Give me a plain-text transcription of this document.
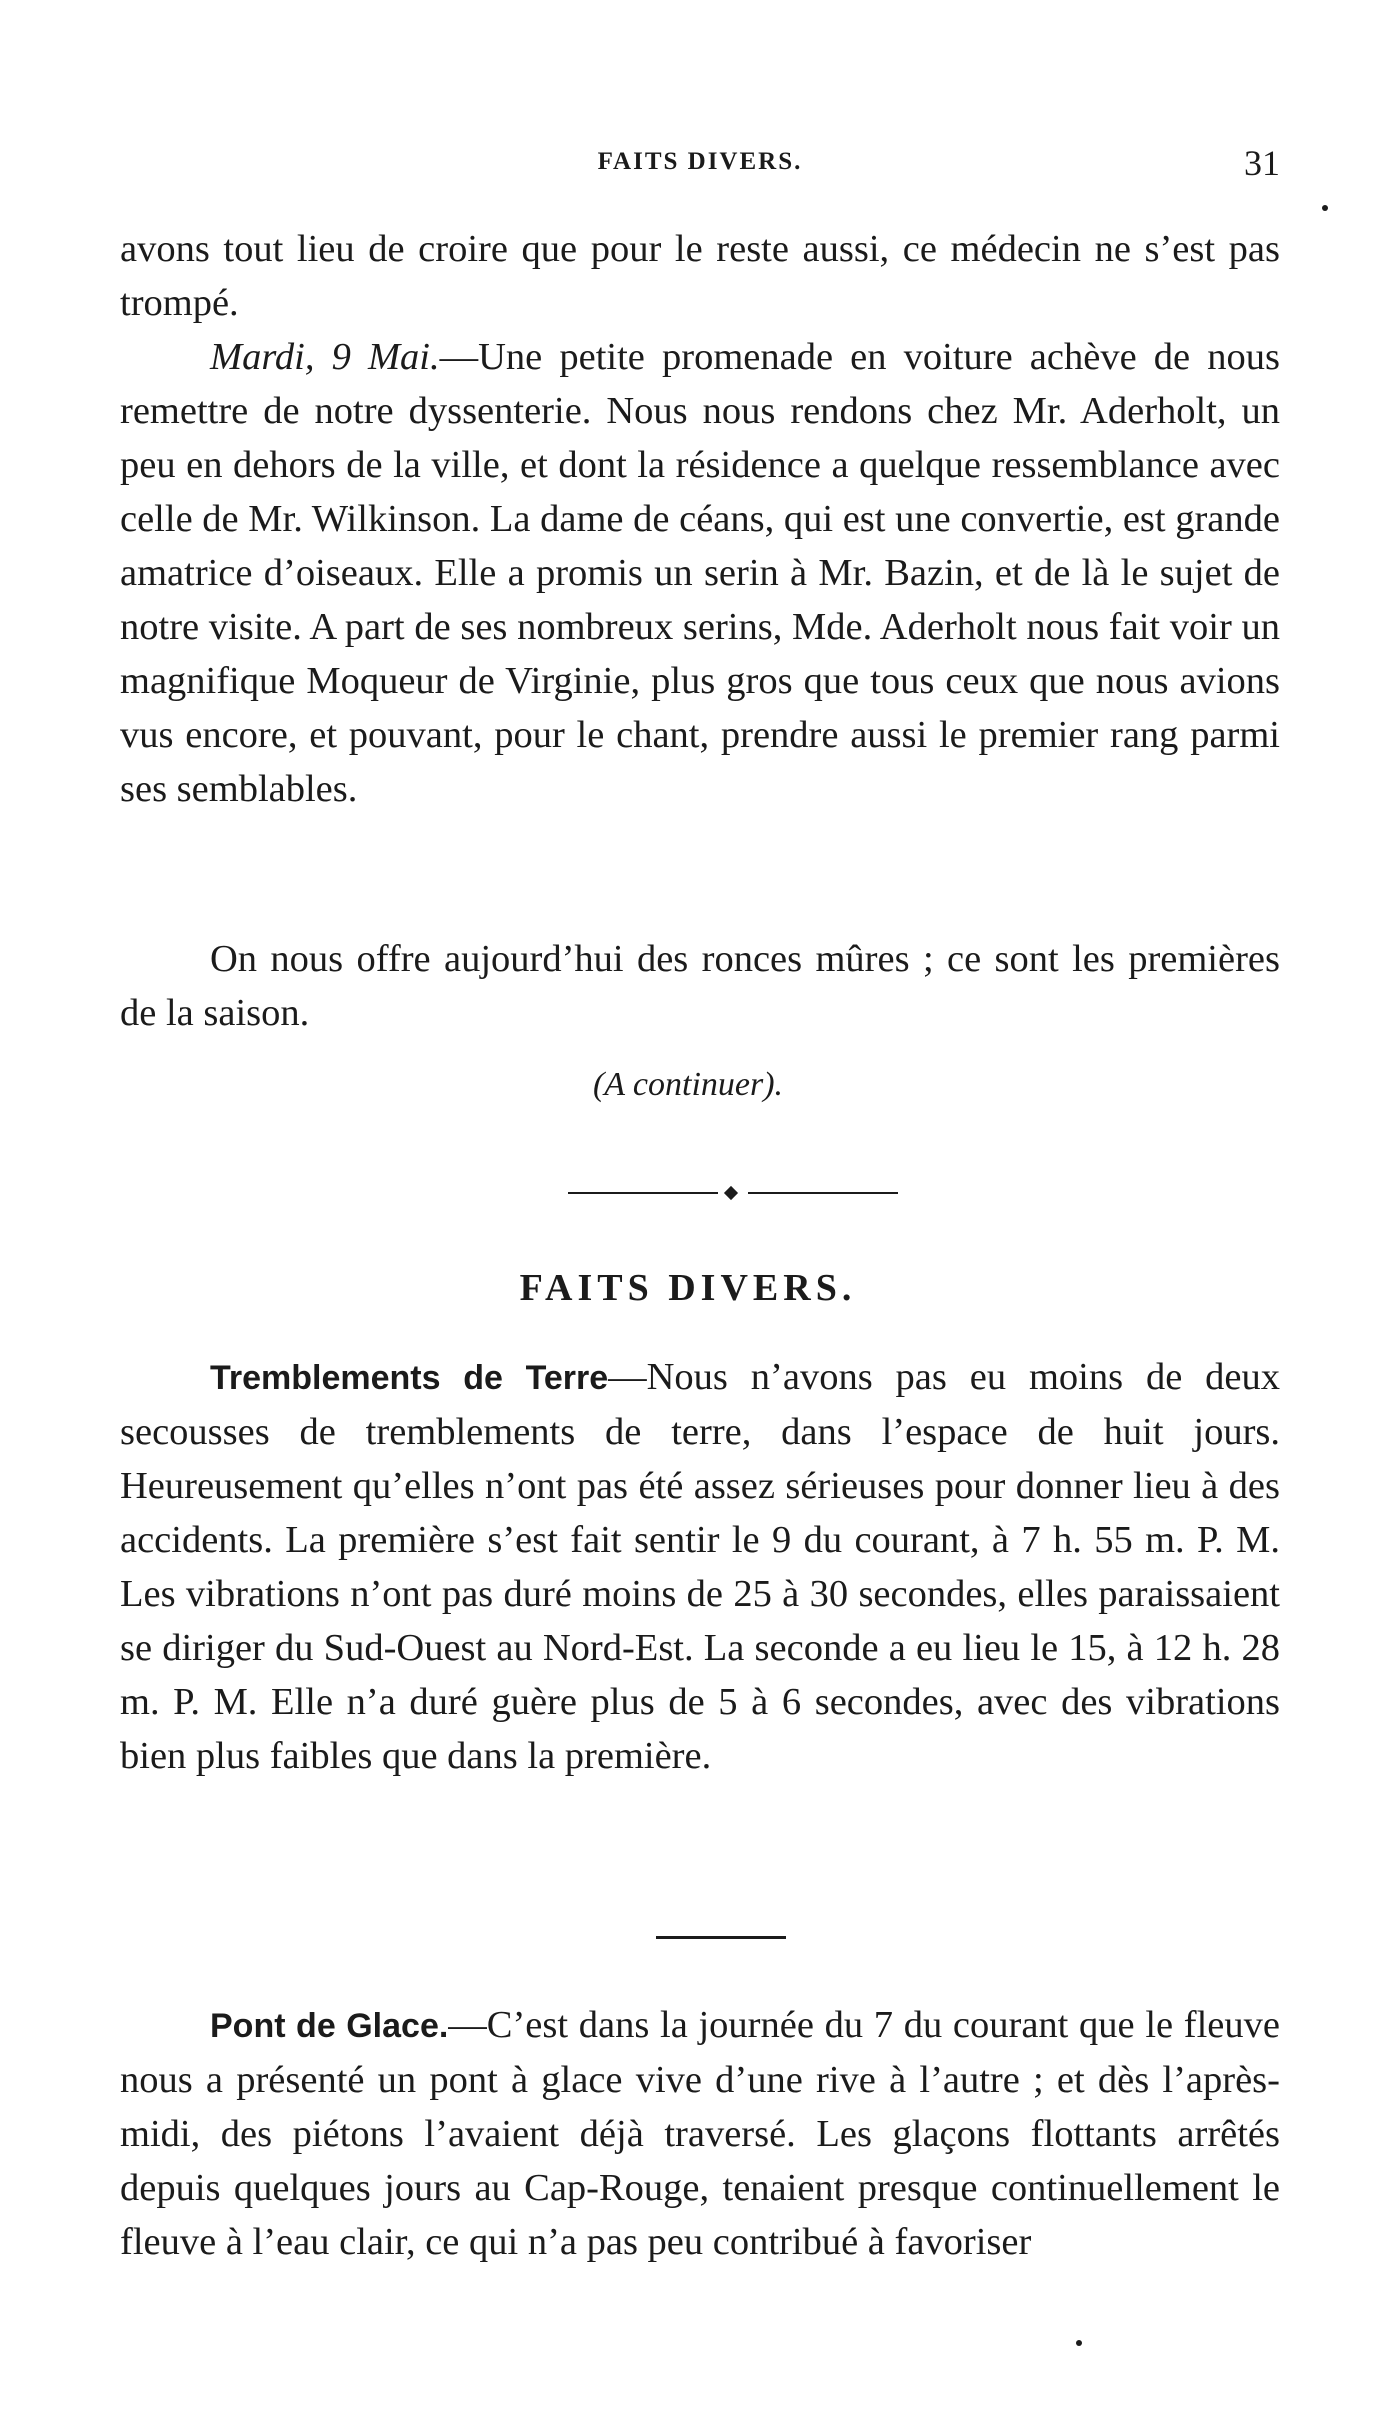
FAITS DIVERS.	31

avons tout lieu de croire que pour le reste aussi, ce médecin ne s’est pas trompé.

Mardi, 9 Mai.—Une petite promenade en voiture achève de nous remettre de notre dyssenterie. Nous nous rendons chez Mr. Aderholt, un peu en dehors de la ville, et dont la résidence a quelque ressemblance avec celle de Mr. Wilkinson. La dame de céans, qui est une convertie, est grande amatrice d’oiseaux. Elle a promis un serin à Mr. Bazin, et de là le sujet de notre visite. A part de ses nombreux serins, Mde. Aderholt nous fait voir un magnifique Moqueur de Virginie, plus gros que tous ceux que nous avions vus encore, et pouvant, pour le chant, prendre aussi le premier rang parmi ses semblables.

On nous offre aujourd’hui des ronces mûres ; ce sont les premières de la saison.

(A continuer).
FAITS DIVERS.

Tremblements de Terre—Nous n’avons pas eu moins de deux secousses de tremblements de terre, dans l’espace de huit jours. Heureusement qu’elles n’ont pas été assez sérieuses pour donner lieu à des accidents. La première s’est fait sentir le 9 du courant, à 7 h. 55 m. P. M. Les vibrations n’ont pas duré moins de 25 à 30 secondes, elles paraissaient se diriger du Sud-Ouest au Nord-Est. La seconde a eu lieu le 15, à 12 h. 28 m. P. M. Elle n’a duré guère plus de 5 à 6 secondes, avec des vibrations bien plus faibles que dans la première.

Pont de Glace.—C’est dans la journée du 7 du courant que le fleuve nous a présenté un pont à glace vive d’une rive à l’autre ; et dès l’après-midi, des piétons l’avaient déjà traversé. Les glaçons flottants arrêtés depuis quelques jours au Cap-Rouge, tenaient presque continuellement le fleuve à l’eau clair, ce qui n’a pas peu contribué à favoriser
